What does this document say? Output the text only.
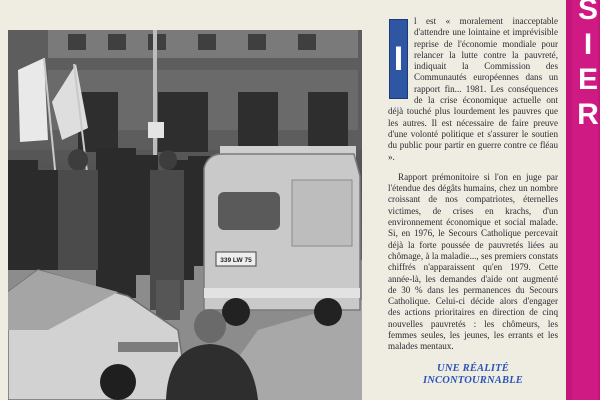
339 LW 75
I

l est « moralement inacceptable d'attendre une lointaine et imprévisible reprise de l'économie mondiale pour relancer la lutte contre la pauvreté, indiquait la Commission des Communautés européennes dans un rapport fin... 1981. Les conséquences de la crise économique actuelle ont déjà touché plus lourdement les pauvres que les autres. Il est nécessaire de faire preuve d'une volonté politique et s'assurer le soutien du public pour partir en guerre contre ce fléau ».

Rapport prémonitoire si l'on en juge par l'étendue des dégâts humains, chez un nombre croissant de nos compatriotes, éternelles victimes, de crises en krachs, d'un environnement économique et social malade. Si, en 1976, le Secours Catholique percevait déjà la forte poussée de pauvretés liées au chômage, à la maladie..., ses premiers constats chiffrés n'apparaissent qu'en 1979. Cette année-là, les demandes d'aide ont augmenté de 30 % dans les permanences du Secours Catholique. Celui-ci décide alors d'engager des actions prioritaires en direction de cinq nouvelles pauvretés : les chômeurs, les femmes seules, les jeunes, les errants et les malades mentaux.

UNE RÉALITÉ
INCONTOURNABLE
S
I
E
R
